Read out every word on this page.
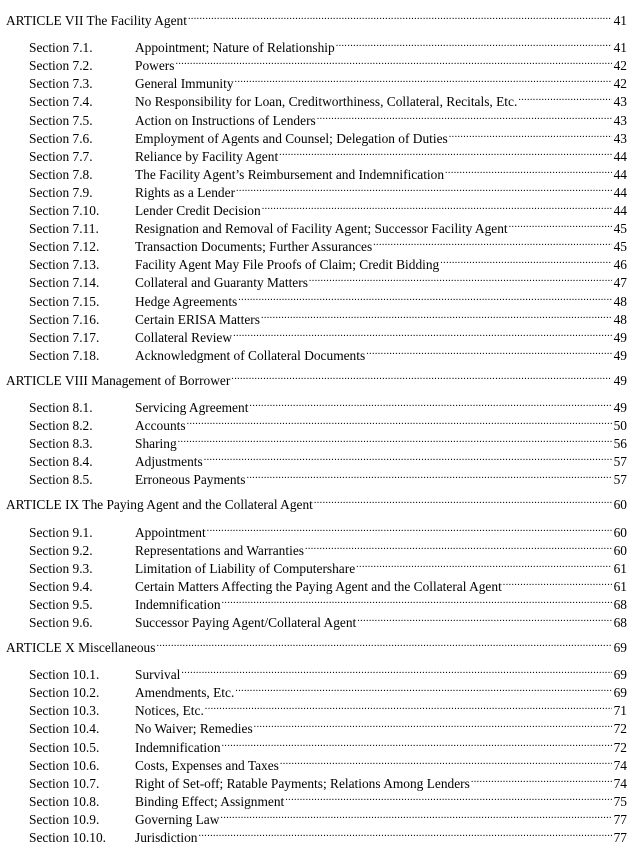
ARTICLE VII The Facility Agent .....	41
Section 7.1.	Appointment; Nature of Relationship .....	41
Section 7.2.	Powers .....	42
Section 7.3.	General Immunity .....	42
Section 7.4.	No Responsibility for Loan, Creditworthiness, Collateral, Recitals, Etc. .....	43
Section 7.5.	Action on Instructions of Lenders .....	43
Section 7.6.	Employment of Agents and Counsel; Delegation of Duties .....	43
Section 7.7.	Reliance by Facility Agent .....	44
Section 7.8.	The Facility Agent’s Reimbursement and Indemnification .....	44
Section 7.9.	Rights as a Lender .....	44
Section 7.10.	Lender Credit Decision .....	44
Section 7.11.	Resignation and Removal of Facility Agent; Successor Facility Agent .....	45
Section 7.12.	Transaction Documents; Further Assurances .....	45
Section 7.13.	Facility Agent May File Proofs of Claim; Credit Bidding .....	46
Section 7.14.	Collateral and Guaranty Matters .....	47
Section 7.15.	Hedge Agreements .....	48
Section 7.16.	Certain ERISA Matters .....	48
Section 7.17.	Collateral Review .....	49
Section 7.18.	Acknowledgment of Collateral Documents .....	49
ARTICLE VIII Management of Borrower .....	49
Section 8.1.	Servicing Agreement .....	49
Section 8.2.	Accounts .....	50
Section 8.3.	Sharing .....	56
Section 8.4.	Adjustments .....	57
Section 8.5.	Erroneous Payments .....	57
ARTICLE IX The Paying Agent and the Collateral Agent .....	60
Section 9.1.	Appointment .....	60
Section 9.2.	Representations and Warranties .....	60
Section 9.3.	Limitation of Liability of Computershare .....	61
Section 9.4.	Certain Matters Affecting the Paying Agent and the Collateral Agent .....	61
Section 9.5.	Indemnification .....	68
Section 9.6.	Successor Paying Agent/Collateral Agent .....	68
ARTICLE X Miscellaneous .....	69
Section 10.1.	Survival .....	69
Section 10.2.	Amendments, Etc. .....	69
Section 10.3.	Notices, Etc. .....	71
Section 10.4.	No Waiver; Remedies .....	72
Section 10.5.	Indemnification .....	72
Section 10.6.	Costs, Expenses and Taxes .....	74
Section 10.7.	Right of Set-off; Ratable Payments; Relations Among Lenders .....	74
Section 10.8.	Binding Effect; Assignment .....	75
Section 10.9.	Governing Law .....	77
Section 10.10.	Jurisdiction .....	77
